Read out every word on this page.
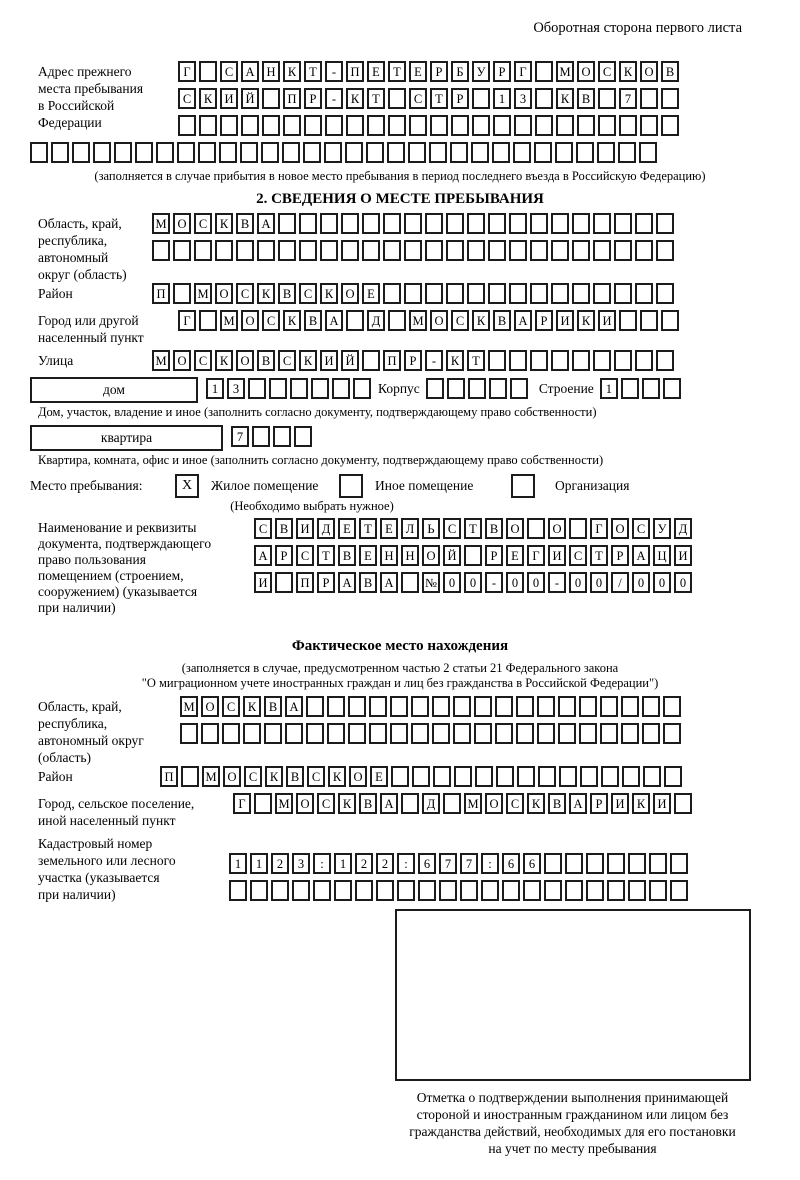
Оборотная сторона первого листа
Адрес прежнего
места пребывания
в Российской
Федерации
Г	С А Н К	Т	-	П	Е	Т	Е	Р	Б	У	Р	Г	М О С	К О В
С	К И Й	П	Р	-	К	Т	С	Т	Р	1	3	К	В	7
(заполняется в случае прибытия в новое место пребывания в период последнего въезда в Российскую Федерацию)
2. СВЕДЕНИЯ О МЕСТЕ ПРЕБЫВАНИЯ
Область, край,
республика,
автономный
округ (область)
М О С	К	В А
Район	П	М О С	К	В	С	К О	Е
Город или другой
населенный пункт
Г	М О С	К	В А	Д	М О С	К	В А	Р	И К И
Улица	М О С	К О В	С	К И Й	П	Р	-	К	Т
дом	1	3	Корпус	Строение 1
Дом, участок, владение и иное (заполнить согласно документу, подтверждающему право собственности)
квартира	7
Квартира, комната, офис и иное (заполнить согласно документу, подтверждающему право собственности)
Место пребывания:	X	Жилое помещение	Иное помещение	Организация
(Необходимо выбрать нужное)
Наименование и реквизиты
документа, подтверждающего
право пользования
помещением (строением,
сооружением) (указывается
при наличии)
С	В И Д	Е	Т	Е	Л	Ь	С	Т	В О	О	Г	О С У Д
А	Р	С	Т	В	Е	Н Н О Й	Р	Е	Г	И С	Т	Р	А Ц И
И	П	Р	А В А	№ 0	0	-	0	0	-	0	0	/	0	0	0
Фактическое место нахождения
(заполняется в случае, предусмотренном частью 2 статьи 21 Федерального закона
"О миграционном учете иностранных граждан и лиц без гражданства в Российской Федерации")
Область, край,
республика,
автономный округ
(область)
М О С	К	В А
Район	П	М О С	К	В	С	К О	Е
Город, сельское поселение,
иной населенный пункт
Г	М О С	К	В А	Д	М О С	К	В А	Р	И К И
Кадастровый номер
земельного или лесного
участка (указывается
при наличии)
1	1	2	3	:	1	2	2	:	6	7	7	:	6	6
Отметка о подтверждении выполнения принимающей
стороной и иностранным гражданином или лицом без
гражданства действий, необходимых для его постановки
на учет по месту пребывания
